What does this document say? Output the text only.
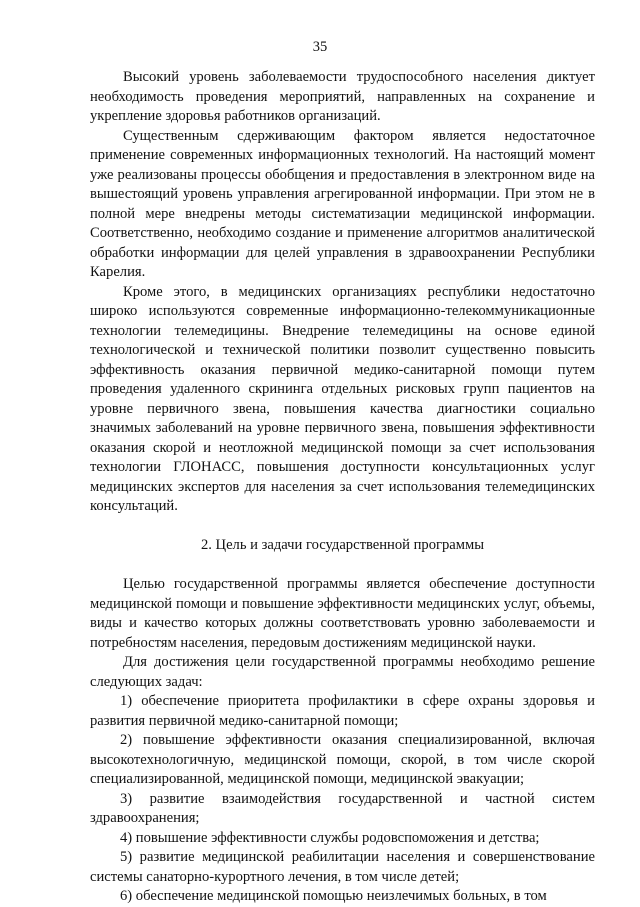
35

Высокий уровень заболеваемости трудоспособного населения диктует необходимость проведения мероприятий, направленных на сохранение и укрепление здоровья работников организаций.

Существенным сдерживающим фактором является недостаточное применение современных информационных технологий. На настоящий момент уже реализованы процессы обобщения и предоставления в электронном виде на вышестоящий уровень управления агрегированной информации. При этом не в полной мере внедрены методы систематизации медицинской информации. Соответственно, необходимо создание и применение алгоритмов аналитической обработки информации для целей управления в здравоохранении Республики Карелия.

Кроме этого, в медицинских организациях республики недостаточно широко используются современные информационно-телекоммуникационные технологии телемедицины. Внедрение телемедицины на основе единой технологической и технической политики позволит существенно повысить эффективность оказания первичной медико-санитарной помощи путем проведения удаленного скрининга отдельных рисковых групп пациентов на уровне первичного звена, повышения качества диагностики социально значимых заболеваний на уровне первичного звена, повышения эффективности оказания скорой и неотложной медицинской помощи за счет использования технологии ГЛОНАСС, повышения доступности консультационных услуг медицинских экспертов для населения за счет использования телемедицинских консультаций.

2. Цель и задачи государственной программы

Целью государственной программы является обеспечение доступности медицинской помощи и повышение эффективности медицинских услуг, объемы, виды и качество которых должны соответствовать уровню заболеваемости и потребностям населения, передовым достижениям медицинской науки.

Для достижения цели государственной программы необходимо решение следующих задач:

1) обеспечение приоритета профилактики в сфере охраны здоровья и развития первичной медико-санитарной помощи;

2) повышение эффективности оказания специализированной, включая высокотехнологичную, медицинской помощи, скорой, в том числе скорой специализированной, медицинской помощи, медицинской эвакуации;

3) развитие взаимодействия государственной и частной систем здравоохранения;

4) повышение эффективности службы родовспоможения и детства;

5) развитие медицинской реабилитации населения и совершенствование системы санаторно-курортного лечения, в том числе детей;

6) обеспечение медицинской помощью неизлечимых больных, в том
